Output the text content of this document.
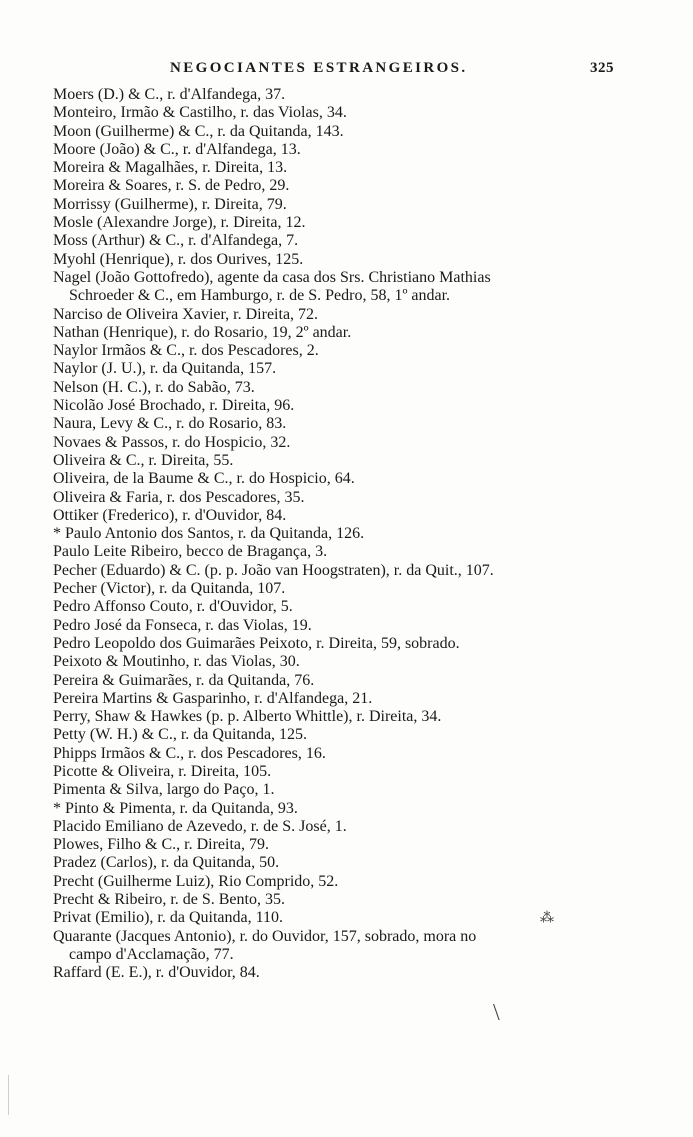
NEGOCIANTES ESTRANGEIROS.	325
Moers (D.) & C., r. d'Alfandega, 37.
Monteiro, Irmão & Castilho, r. das Violas, 34.
Moon (Guilherme) & C., r. da Quitanda, 143.
Moore (João) & C., r. d'Alfandega, 13.
Moreira & Magalhães, r. Direita, 13.
Moreira & Soares, r. S. de Pedro, 29.
Morrissy (Guilherme), r. Direita, 79.
Mosle (Alexandre Jorge), r. Direita, 12.
Moss (Arthur) & C., r. d'Alfandega, 7.
Myohl (Henrique), r. dos Ourives, 125.
Nagel (João Gottofredo), agente da casa dos Srs. Christiano Mathias
Schroeder & C., em Hamburgo, r. de S. Pedro, 58, 1º andar.
Narciso de Oliveira Xavier, r. Direita, 72.
Nathan (Henrique), r. do Rosario, 19, 2º andar.
Naylor Irmãos & C., r. dos Pescadores, 2.
Naylor (J. U.), r. da Quitanda, 157.
Nelson (H. C.), r. do Sabão, 73.
Nicolão José Brochado, r. Direita, 96.
Naura, Levy & C., r. do Rosario, 83.
Novaes & Passos, r. do Hospicio, 32.
Oliveira & C., r. Direita, 55.
Oliveira, de la Baume & C., r. do Hospicio, 64.
Oliveira & Faria, r. dos Pescadores, 35.
Ottiker (Frederico), r. d'Ouvidor, 84.
* Paulo Antonio dos Santos, r. da Quitanda, 126.
Paulo Leite Ribeiro, becco de Bragança, 3.
Pecher (Eduardo) & C. (p. p. João van Hoogstraten), r. da Quit., 107.
Pecher (Victor), r. da Quitanda, 107.
Pedro Affonso Couto, r. d'Ouvidor, 5.
Pedro José da Fonseca, r. das Violas, 19.
Pedro Leopoldo dos Guimarães Peixoto, r. Direita, 59, sobrado.
Peixoto & Moutinho, r. das Violas, 30.
Pereira & Guimarães, r. da Quitanda, 76.
Pereira Martins & Gasparinho, r. d'Alfandega, 21.
Perry, Shaw & Hawkes (p. p. Alberto Whittle), r. Direita, 34.
Petty (W. H.) & C., r. da Quitanda, 125.
Phipps Irmãos & C., r. dos Pescadores, 16.
Picotte & Oliveira, r. Direita, 105.
Pimenta & Silva, largo do Paço, 1.
* Pinto & Pimenta, r. da Quitanda, 93.
Placido Emiliano de Azevedo, r. de S. José, 1.
Plowes, Filho & C., r. Direita, 79.
Pradez (Carlos), r. da Quitanda, 50.
Precht (Guilherme Luiz), Rio Comprido, 52.
Precht & Ribeiro, r. de S. Bento, 35.
Privat (Emilio), r. da Quitanda, 110.
Quarante (Jacques Antonio), r. do Ouvidor, 157, sobrado, mora no
campo d'Acclamação, 77.
Raffard (E. E.), r. d'Ouvidor, 84.
⁂
\
